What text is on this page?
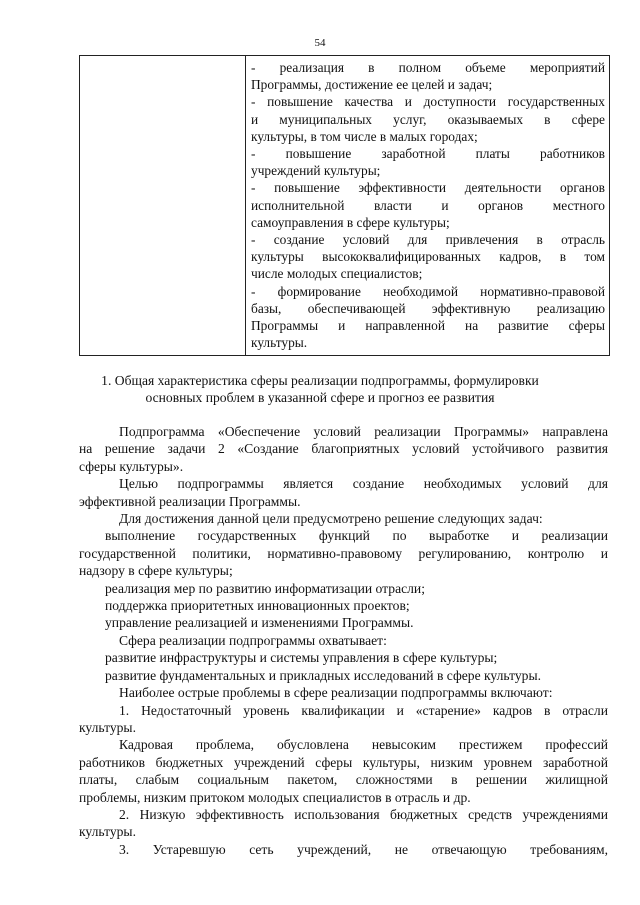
54
- реализация в полном объеме мероприятий
Программы, достижение ее целей и задач;
- повышение качества и доступности государственных
и муниципальных услуг, оказываемых в сфере
культуры, в том числе в малых городах;
- повышение заработной платы работников
учреждений культуры;
- повышение эффективности деятельности органов
исполнительной власти и органов местного
самоуправления в сфере культуры;
- создание условий для привлечения в отрасль
культуры высококвалифицированных кадров, в том
числе молодых специалистов;
- формирование необходимой нормативно-правовой
базы, обеспечивающей эффективную реализацию
Программы и направленной на развитие сферы
культуры.
1. Общая характеристика сферы реализации подпрограммы, формулировки
основных проблем в указанной сфере и прогноз ее развития
Подпрограмма «Обеспечение условий реализации Программы» направлена
на решение задачи 2 «Создание благоприятных условий устойчивого развития
сферы культуры».
Целью подпрограммы является создание необходимых условий для
эффективной реализации Программы.
Для достижения данной цели предусмотрено решение следующих задач:
выполнение государственных функций по выработке и реализации
государственной политики, нормативно-правовому регулированию, контролю и
надзору в сфере культуры;
реализация мер по развитию информатизации отрасли;
поддержка приоритетных инновационных проектов;
управление реализацией и изменениями Программы.
Сфера реализации подпрограммы охватывает:
развитие инфраструктуры и системы управления в сфере культуры;
развитие фундаментальных и прикладных исследований в сфере культуры.
Наиболее острые проблемы в сфере реализации подпрограммы включают:
1. Недостаточный уровень квалификации и «старение» кадров в отрасли
культуры.
Кадровая проблема, обусловлена невысоким престижем профессий
работников бюджетных учреждений сферы культуры, низким уровнем заработной
платы, слабым социальным пакетом, сложностями в решении жилищной
проблемы, низким притоком молодых специалистов в отрасль и др.
2. Низкую эффективность использования бюджетных средств учреждениями
культуры.
3. Устаревшую сеть учреждений, не отвечающую требованиям,
